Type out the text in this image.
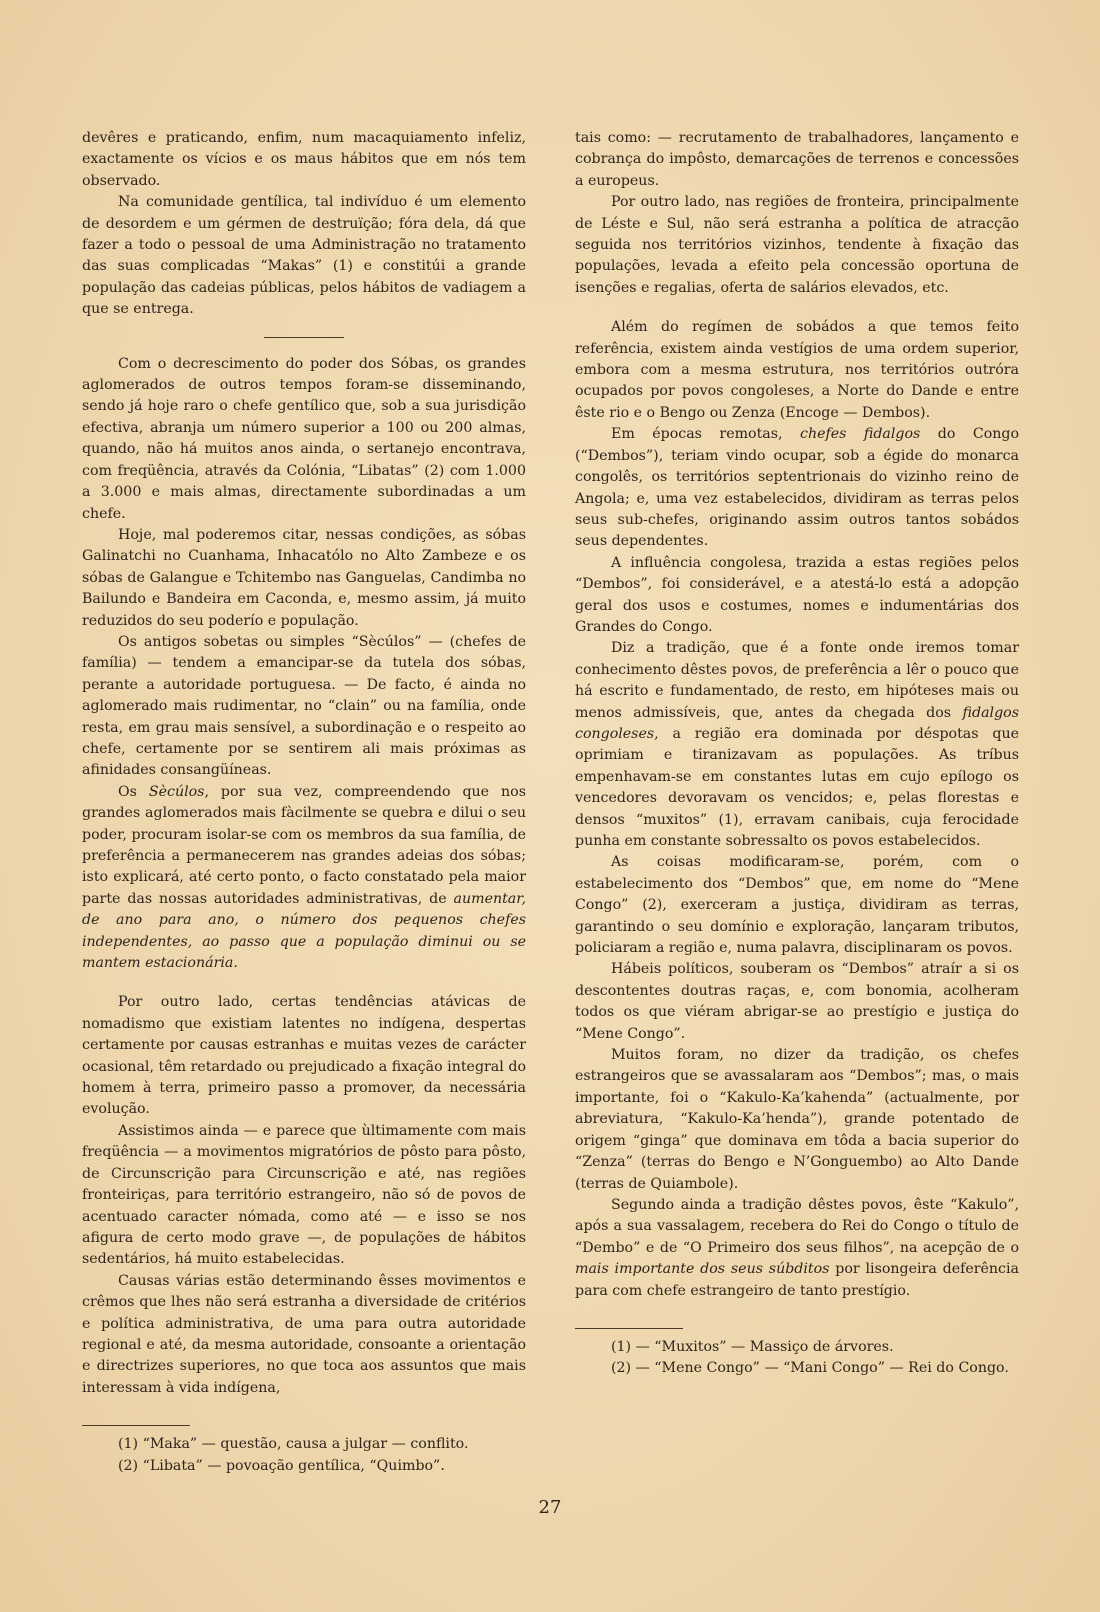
devêres e praticando, enfim, num macaquiamento infeliz, exactamente os vícios e os maus hábitos que em nós tem observado.

Na comunidade gentílica, tal indivíduo é um elemento de desordem e um gérmen de destruïção; fóra dela, dá que fazer a todo o pessoal de uma Administração no tratamento das suas complicadas “Makas” (1) e constitúi a grande população das cadeias públicas, pelos hábitos de vadiagem a que se entrega.

Com o decrescimento do poder dos Sóbas, os grandes aglomerados de outros tempos foram-se disseminando, sendo já hoje raro o chefe gentílico que, sob a sua jurisdição efectiva, abranja um número superior a 100 ou 200 almas, quando, não há muitos anos ainda, o sertanejo encontrava, com freqüência, através da Colónia, “Libatas” (2) com 1.000 a 3.000 e mais almas, directamente subordinadas a um chefe.

Hoje, mal poderemos citar, nessas condições, as sóbas Galinatchi no Cuanhama, Inhacatólo no Alto Zambeze e os sóbas de Galangue e Tchitembo nas Ganguelas, Candimba no Bailundo e Bandeira em Caconda, e, mesmo assim, já muito reduzidos do seu poderío e população.

Os antigos sobetas ou simples “Sècúlos” — (chefes de família) — tendem a emancipar-se da tutela dos sóbas, perante a autoridade portuguesa. — De facto, é ainda no aglomerado mais rudimentar, no “clain” ou na família, onde resta, em grau mais sensível, a subordinação e o respeito ao chefe, certamente por se sentirem ali mais próximas as afinidades consangüíneas.

Os Sècúlos, por sua vez, compreendendo que nos grandes aglomerados mais fàcilmente se quebra e dilui o seu poder, procuram isolar-se com os membros da sua família, de preferência a permanecerem nas grandes adeias dos sóbas; isto explicará, até certo ponto, o facto constatado pela maior parte das nossas autoridades administrativas, de aumentar, de ano para ano, o número dos pequenos chefes independentes, ao passo que a população diminui ou se mantem estacionária.

Por outro lado, certas tendências atávicas de nomadismo que existiam latentes no indígena, despertas certamente por causas estranhas e muitas vezes de carácter ocasional, têm retardado ou prejudicado a fixação integral do homem à terra, primeiro passo a promover, da necessária evolução.

Assistimos ainda — e parece que ùltimamente com mais freqüência — a movimentos migratórios de pôsto para pôsto, de Circunscrição para Circunscrição e até, nas regiões fronteiriças, para território estrangeiro, não só de povos de acentuado caracter nómada, como até — e isso se nos afigura de certo modo grave —, de populações de hábitos sedentários, há muito estabelecidas.

Causas várias estão determinando êsses movimentos e crêmos que lhes não será estranha a diversidade de critérios e política administrativa, de uma para outra autoridade regional e até, da mesma autoridade, consoante a orientação e directrizes superiores, no que toca aos assuntos que mais interessam à vida indígena,

(1) “Maka” — questão, causa a julgar — conflito.

(2) “Libata” — povoação gentílica, “Quimbo”.

tais como: — recrutamento de trabalhadores, lançamento e cobrança do impôsto, demarcações de terrenos e concessões a europeus.

Por outro lado, nas regiões de fronteira, principalmente de Léste e Sul, não será estranha a política de atracção seguida nos territórios vizinhos, tendente à fixação das populações, levada a efeito pela concessão oportuna de isenções e regalias, oferta de salários elevados, etc.

Além do regímen de sobádos a que temos feito referência, existem ainda vestígios de uma ordem superior, embora com a mesma estrutura, nos territórios outróra ocupados por povos congoleses, a Norte do Dande e entre êste rio e o Bengo ou Zenza (Encoge — Dembos).

Em épocas remotas, chefes fidalgos do Congo (“Dembos”), teriam vindo ocupar, sob a égide do monarca congolês, os territórios septentrionais do vizinho reino de Angola; e, uma vez estabelecidos, dividiram as terras pelos seus sub-chefes, originando assim outros tantos sobádos seus dependentes.

A influência congolesa, trazida a estas regiões pelos “Dembos”, foi considerável, e a atestá-lo está a adopção geral dos usos e costumes, nomes e indumentárias dos Grandes do Congo.

Diz a tradição, que é a fonte onde iremos tomar conhecimento dêstes povos, de preferência a lêr o pouco que há escrito e fundamentado, de resto, em hipóteses mais ou menos admissíveis, que, antes da chegada dos fidalgos congoleses, a região era dominada por déspotas que oprimiam e tiranizavam as populações. As tríbus empenhavam-se em constantes lutas em cujo epílogo os vencedores devoravam os vencidos; e, pelas florestas e densos “muxitos” (1), erravam canibais, cuja ferocidade punha em constante sobressalto os povos estabelecidos.

As coisas modificaram-se, porém, com o estabelecimento dos “Dembos” que, em nome do “Mene Congo” (2), exerceram a justiça, dividiram as terras, garantindo o seu domínio e exploração, lançaram tributos, policiaram a região e, numa palavra, disciplinaram os povos.

Hábeis políticos, souberam os “Dembos” atraír a si os descontentes doutras raças, e, com bonomia, acolheram todos os que viéram abrigar-se ao prestígio e justiça do “Mene Congo”.

Muitos foram, no dizer da tradição, os chefes estrangeiros que se avassalaram aos “Dembos”; mas, o mais importante, foi o “Kakulo-Ka’kahenda” (actualmente, por abreviatura, “Kakulo-Ka’henda”), grande potentado de origem “ginga” que dominava em tôda a bacia superior do “Zenza” (terras do Bengo e N’Gonguembo) ao Alto Dande (terras de Quiambole).

Segundo ainda a tradição dêstes povos, êste “Kakulo”, após a sua vassalagem, recebera do Rei do Congo o título de “Dembo” e de “O Primeiro dos seus filhos”, na acepção de o mais importante dos seus súbditos por lisongeira deferência para com chefe estrangeiro de tanto prestígio.

(1) — “Muxitos” — Massiço de árvores.

(2) — “Mene Congo” — “Mani Congo” — Rei do Congo.

27
